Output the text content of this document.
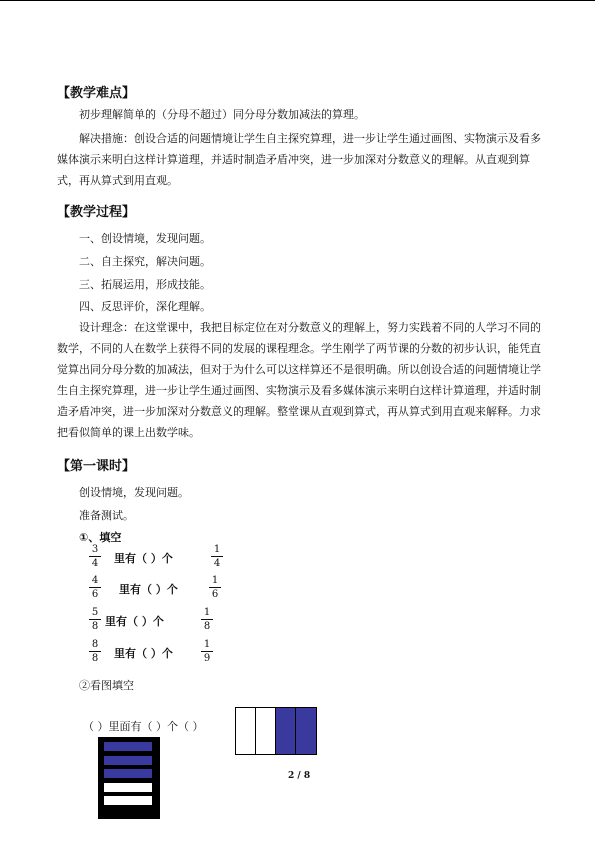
【教学难点】
初步理解简单的（分母不超过）同分母分数加减法的算理。
解决措施：创设合适的问题情境让学生自主探究算理，进一步让学生通过画图、实物演示及看多媒体演示来明白这样计算道理，并适时制造矛盾冲突，进一步加深对分数意义的理解。从直观到算式，再从算式到用直观。
【教学过程】
一、创设情境，发现问题。
二、自主探究，解决问题。
三、拓展运用，形成技能。
四、反思评价，深化理解。
设计理念：在这堂课中，我把目标定位在对分数意义的理解上，努力实践着不同的人学习不同的数学，不同的人在数学上获得不同的发展的课程理念。学生刚学了两节课的分数的初步认识，能凭直觉算出同分母分数的加减法，但对于为什么可以这样算还不是很明确。所以创设合适的问题情境让学生自主探究算理，进一步让学生通过画图、实物演示及看多媒体演示来明白这样计算道理，并适时制造矛盾冲突，进一步加深对分数意义的理解。整堂课从直观到算式，再从算式到用直观来解释。力求把看似简单的课上出数学味。
【第一课时】
创设情境，发现问题。
准备测试。
①、填空
3
4 里有（ ）个
1
4
4
6 里有（ ）个
1
6
5
8 里有（ ）个
1
8
8
8 里有（ ）个
1
9
②看图填空
（ ）里面有（ ）个（ ）
2 / 8
